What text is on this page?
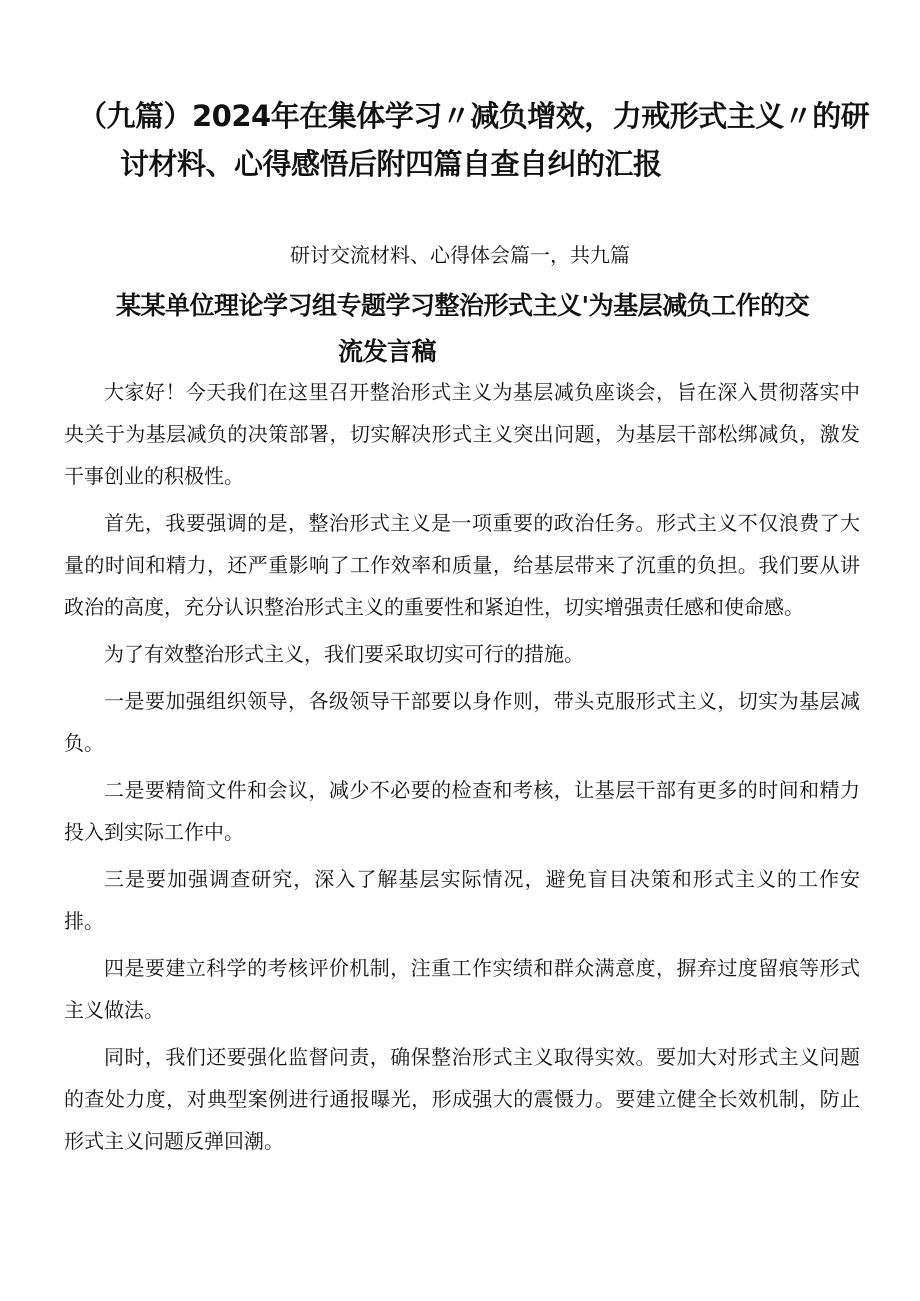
（九篇）2024年在集体学习〃减负增效，力戒形式主义〃的研
讨材料、心得感悟后附四篇自查自纠的汇报

研讨交流材料、心得体会篇一，共九篇

某某单位理论学习组专题学习整治形式主义'为基层减负工作的交
流发言稿

大家好！今天我们在这里召开整治形式主义为基层减负座谈会，旨在深入贯彻落实中央关于为基层减负的决策部署，切实解决形式主义突出问题，为基层干部松绑减负，激发干事创业的积极性。

首先，我要强调的是，整治形式主义是一项重要的政治任务。形式主义不仅浪费了大量的时间和精力，还严重影响了工作效率和质量，给基层带来了沉重的负担。我们要从讲政治的高度，充分认识整治形式主义的重要性和紧迫性，切实增强责任感和使命感。

为了有效整治形式主义，我们要采取切实可行的措施。

一是要加强组织领导，各级领导干部要以身作则，带头克服形式主义，切实为基层减负。

二是要精简文件和会议，减少不必要的检查和考核，让基层干部有更多的时间和精力投入到实际工作中。

三是要加强调查研究，深入了解基层实际情况，避免盲目决策和形式主义的工作安排。

四是要建立科学的考核评价机制，注重工作实绩和群众满意度，摒弃过度留痕等形式主义做法。

同时，我们还要强化监督问责，确保整治形式主义取得实效。要加大对形式主义问题的查处力度，对典型案例进行通报曝光，形成强大的震慑力。要建立健全长效机制，防止形式主义问题反弹回潮。
